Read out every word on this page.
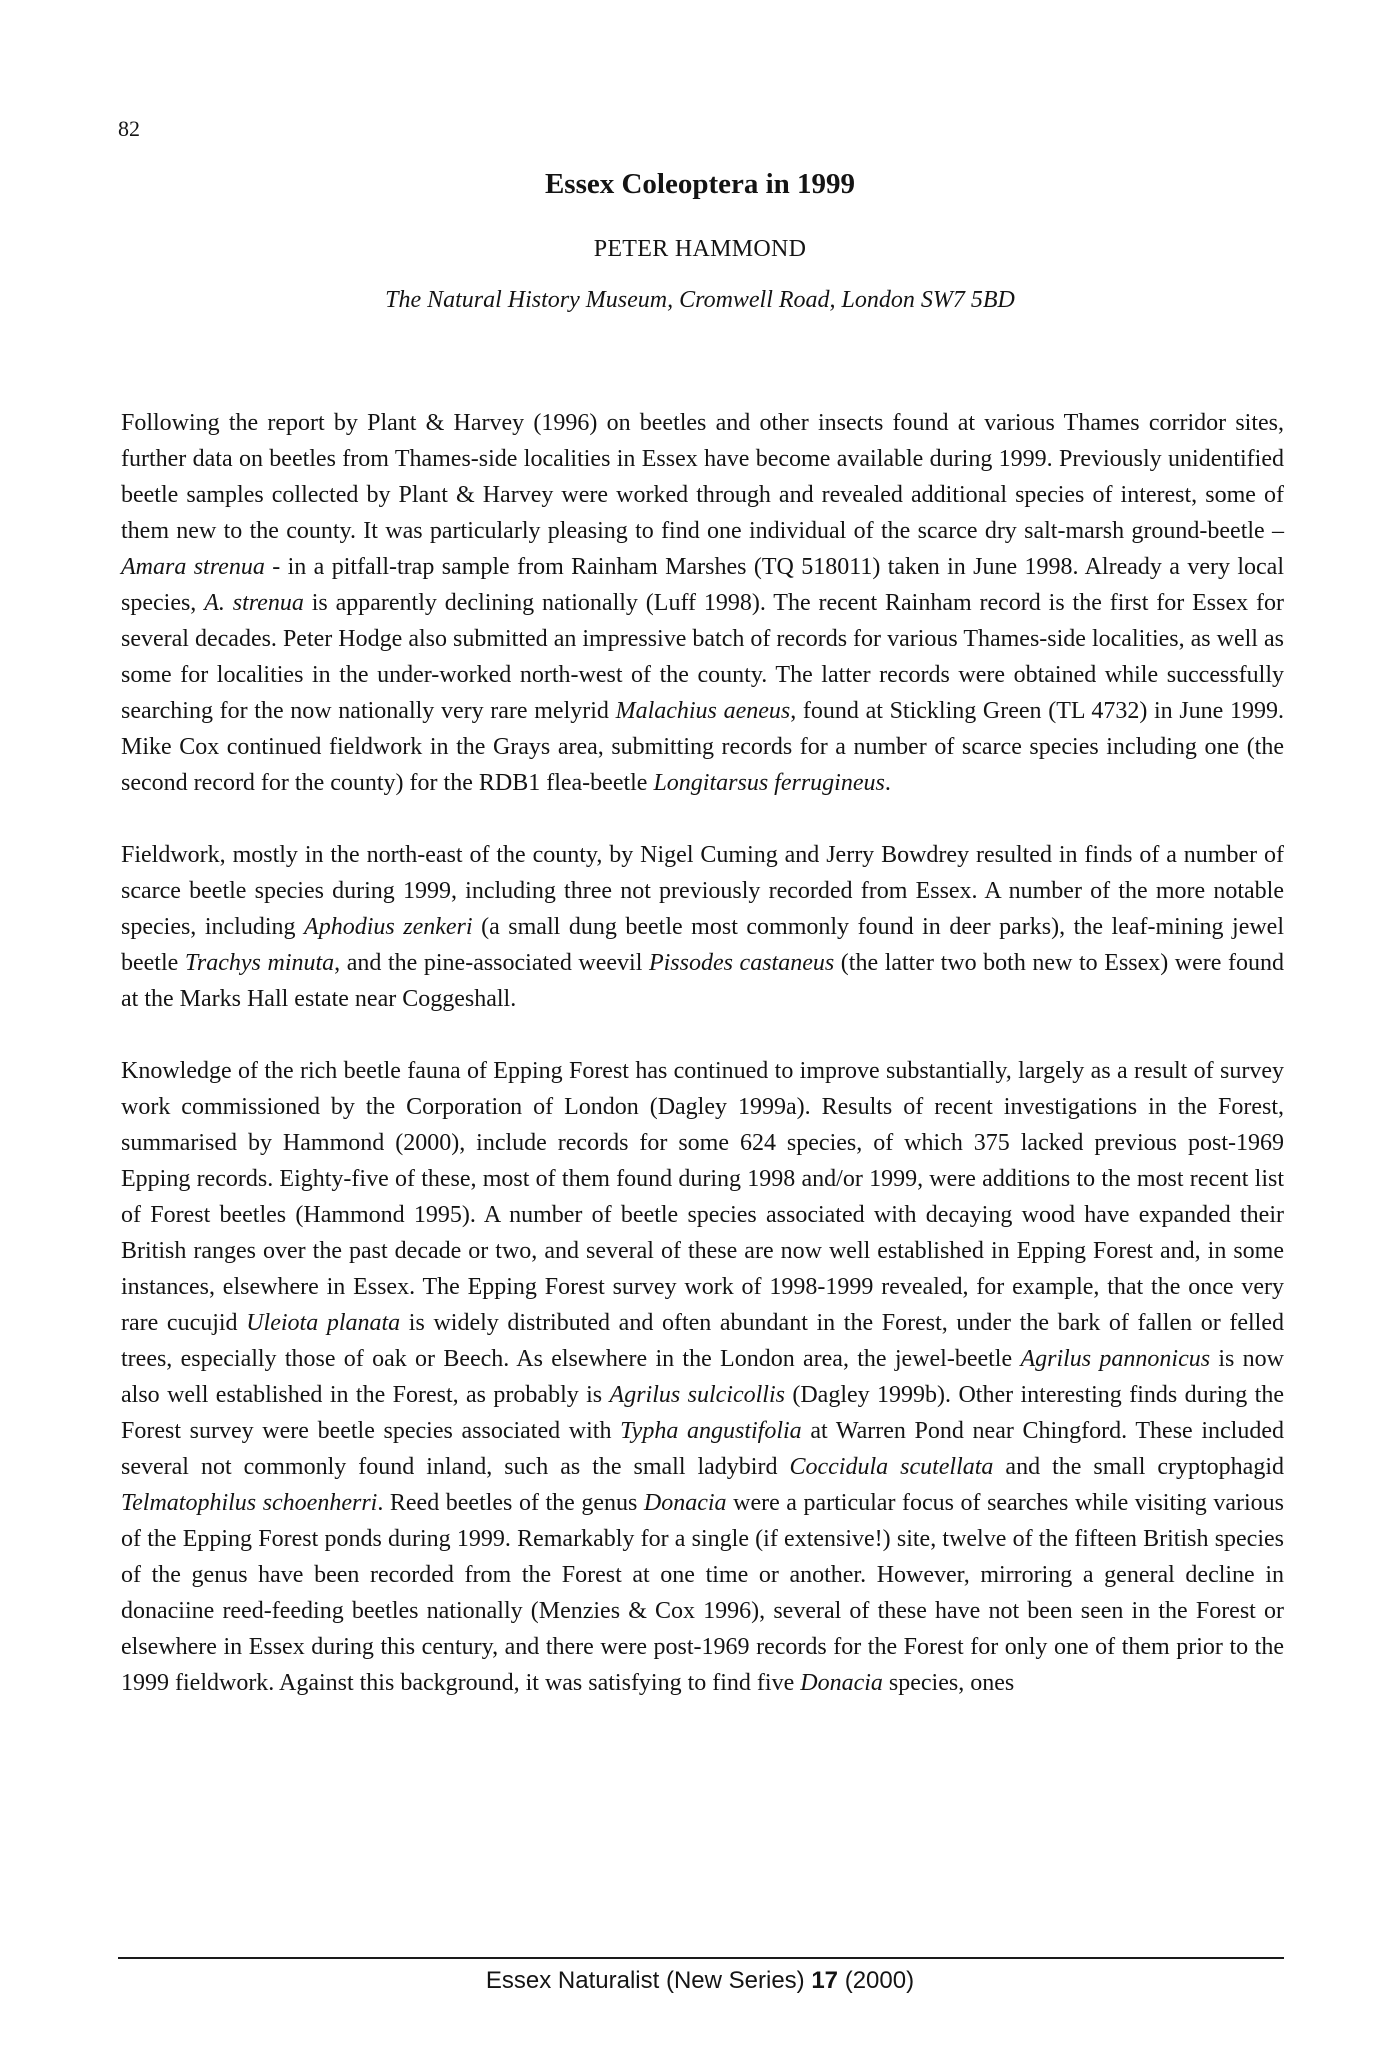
82
Essex Coleoptera in 1999
PETER HAMMOND
The Natural History Museum, Cromwell Road, London SW7 5BD

Following the report by Plant & Harvey (1996) on beetles and other insects found at various Thames corridor sites, further data on beetles from Thames-side localities in Essex have become available during 1999. Previously unidentified beetle samples collected by Plant & Harvey were worked through and revealed additional species of interest, some of them new to the county. It was particularly pleasing to find one individual of the scarce dry salt-marsh ground-beetle – Amara strenua - in a pitfall-trap sample from Rainham Marshes (TQ 518011) taken in June 1998. Already a very local species, A. strenua is apparently declining nationally (Luff 1998). The recent Rainham record is the first for Essex for several decades. Peter Hodge also submitted an impressive batch of records for various Thames-side localities, as well as some for localities in the under-worked north-west of the county. The latter records were obtained while successfully searching for the now nationally very rare melyrid Malachius aeneus, found at Stickling Green (TL 4732) in June 1999. Mike Cox continued fieldwork in the Grays area, submitting records for a number of scarce species including one (the second record for the county) for the RDB1 flea-beetle Longitarsus ferrugineus.

Fieldwork, mostly in the north-east of the county, by Nigel Cuming and Jerry Bowdrey resulted in finds of a number of scarce beetle species during 1999, including three not previously recorded from Essex. A number of the more notable species, including Aphodius zenkeri (a small dung beetle most commonly found in deer parks), the leaf-mining jewel beetle Trachys minuta, and the pine-associated weevil Pissodes castaneus (the latter two both new to Essex) were found at the Marks Hall estate near Coggeshall.

Knowledge of the rich beetle fauna of Epping Forest has continued to improve substantially, largely as a result of survey work commissioned by the Corporation of London (Dagley 1999a). Results of recent investigations in the Forest, summarised by Hammond (2000), include records for some 624 species, of which 375 lacked previous post-1969 Epping records. Eighty-five of these, most of them found during 1998 and/or 1999, were additions to the most recent list of Forest beetles (Hammond 1995). A number of beetle species associated with decaying wood have expanded their British ranges over the past decade or two, and several of these are now well established in Epping Forest and, in some instances, elsewhere in Essex. The Epping Forest survey work of 1998-1999 revealed, for example, that the once very rare cucujid Uleiota planata is widely distributed and often abundant in the Forest, under the bark of fallen or felled trees, especially those of oak or Beech. As elsewhere in the London area, the jewel-beetle Agrilus pannonicus is now also well established in the Forest, as probably is Agrilus sulcicollis (Dagley 1999b). Other interesting finds during the Forest survey were beetle species associated with Typha angustifolia at Warren Pond near Chingford. These included several not commonly found inland, such as the small ladybird Coccidula scutellata and the small cryptophagid Telmatophilus schoenherri. Reed beetles of the genus Donacia were a particular focus of searches while visiting various of the Epping Forest ponds during 1999. Remarkably for a single (if extensive!) site, twelve of the fifteen British species of the genus have been recorded from the Forest at one time or another. However, mirroring a general decline in donaciine reed-feeding beetles nationally (Menzies & Cox 1996), several of these have not been seen in the Forest or elsewhere in Essex during this century, and there were post-1969 records for the Forest for only one of them prior to the 1999 fieldwork. Against this background, it was satisfying to find five Donacia species, ones

Essex Naturalist (New Series) 17 (2000)
